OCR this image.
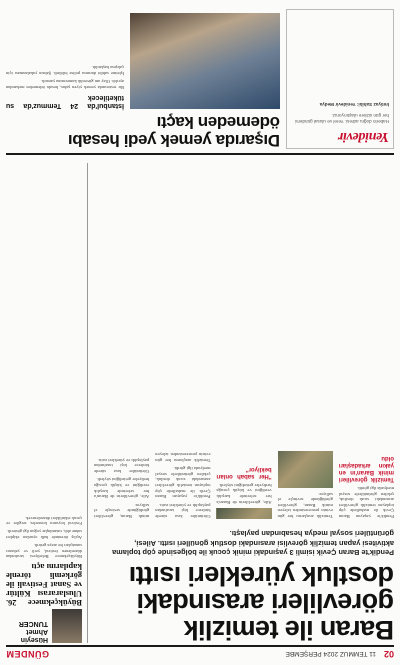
02
11 TEMMUZ 2024 PERŞEMBE
GÜNDEM
Baran ile temizlik görevlileri arasındaki dostluk yürekleri ısıttı

Pendik'te Baran Çevik isimli 3 yaşındaki minik çocuk ile bölgesinde çöp toplama aktivitesi yapan temizlik görevlisi arasındaki dostluk gönülleri ısıttı. Ailesi, görüntüleri sosyal medya hesabından paylaştı.

Pendik'te yaşayan Baran Çevik ile mahallede çöp toplayan temizlik görevlileri arasındaki sıcak dostluk, çekilen görüntülerle sosyal medyada ilgi gördü.

Temizlik görevlileri minik Baran'ın en yakın arkadaşları oldu

Temizlik araçlarını her gün evinin penceresinden izleyen minik Baran, görevlileri gördüğünde sevinçle el sallıyor.

Aile, görevlilerin de Baran'a her seferinde karşılık verdiğini ve küçük çocuğa hediyeler getirdiğini söyledi.

"Her sabah onları bekliyor"

Görüntüler kısa sürede binlerce kişi tarafından paylaşıldı ve yürekleri ısıttı.

Pendik'te yaşayan Baran Çevik ile mahallede çöp toplayan temizlik görevlileri arasındaki sıcak dostluk, çekilen görüntülerle sosyal medyada ilgi gördü.

Temizlik araçlarını her gün evinin penceresinden izleyen minik Baran, görevlileri gördüğünde sevinçle el sallıyor.

Aile, görevlilerin de Baran'a her seferinde karşılık verdiğini ve küçük çocuğa hediyeler getirdiğini söyledi.

Görüntüler kısa sürede binlerce kişi tarafından paylaşıldı ve yürekleri ısıttı.

Hüseyin Ahmet TUNCER
Büyükçekmece 26. Uluslararası Kültür ve Sanat Festivali ile görkemli törenle kapılarını açtı

Büyükçekmece Belediyesi tarafından düzenlenen festival, yerli ve yabancı sanatçıları bir araya getirdi.

Açılış töreninde halk oyunları ekipleri sahne aldı, vatandaşlar yoğun ilgi gösterdi.

Festival boyunca konserler, sergiler ve çocuk etkinlikleri düzenlenecek.

Yenidevir
Haberin doğru adresi. Yerel ve ulusal gündemi her gün sizlere ulaştırıyoruz.
İmtiyaz Sahibi: Yenidevir Medya
Dışarıda yemek yedi hesabı ödemeden kaçtı
İstanbul'da 24 Temmuz'da su tüketilecek

Bir restoranda yemek yiyen şahıs, hesabı ödemeden mekandan ayrıldı. Olay anı güvenlik kamerasına yansıdı.

İşletme sahibi durumu polise bildirdi. Şahsın yakalanması için çalışma başlatıldı.
